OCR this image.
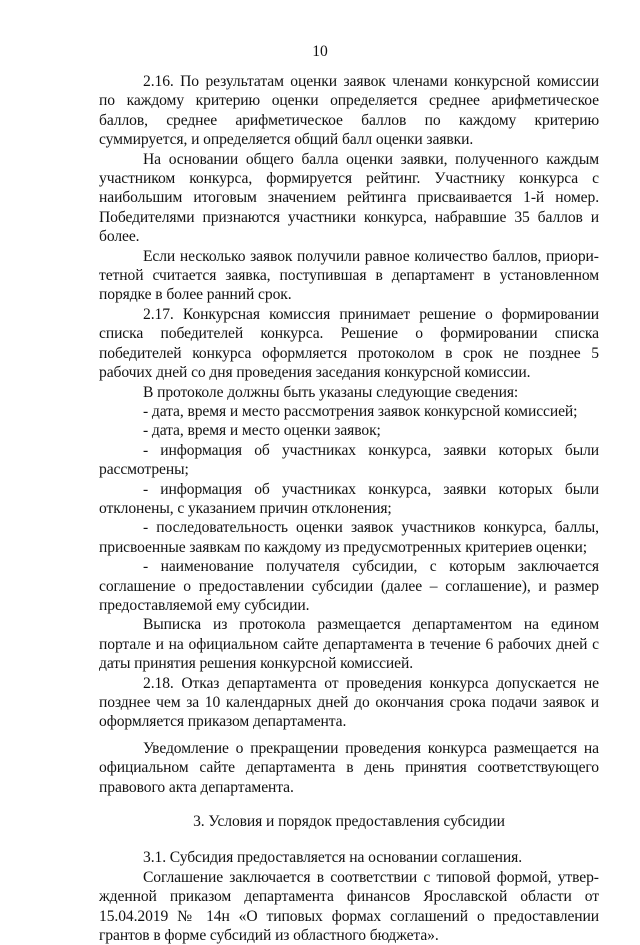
10

2.16. По результатам оценки заявок членами конкурсной комиссии по каждому критерию оценки определяется среднее арифметическое баллов, среднее арифметическое баллов по каждому критерию суммируется, и определяется общий балл оценки заявки.

На основании общего балла оценки заявки, полученного каждым участником конкурса, формируется рейтинг. Участнику конкурса с наибольшим итоговым значением рейтинга присваивается 1-й номер. Победителями признаются участники конкурса, набравшие 35 баллов и более.

Если несколько заявок получили равное количество баллов, приоритетной считается заявка, поступившая в департамент в установленном порядке в более ранний срок.

2.17. Конкурсная комиссия принимает решение о формировании списка победителей конкурса. Решение о формировании списка победителей конкурса оформляется протоколом в срок не позднее 5 рабочих дней со дня проведения заседания конкурсной комиссии.

В протоколе должны быть указаны следующие сведения:

- дата, время и место рассмотрения заявок конкурсной комиссией;

- дата, время и место оценки заявок;

- информация об участниках конкурса, заявки которых были рассмотрены;

- информация об участниках конкурса, заявки которых были отклонены, с указанием причин отклонения;

- последовательность оценки заявок участников конкурса, баллы, присвоенные заявкам по каждому из предусмотренных критериев оценки;

- наименование получателя субсидии, с которым заключается соглашение о предоставлении субсидии (далее – соглашение), и размер предоставляемой ему субсидии.

Выписка из протокола размещается департаментом на едином портале и на официальном сайте департамента в течение 6 рабочих дней с даты принятия решения конкурсной комиссией.

2.18. Отказ департамента от проведения конкурса допускается не позднее чем за 10 календарных дней до окончания срока подачи заявок и оформляется приказом департамента.

Уведомление о прекращении проведения конкурса размещается на официальном сайте департамента в день принятия соответствующего правового акта департамента.

3. Условия и порядок предоставления субсидии

3.1. Субсидия предоставляется на основании соглашения.

Соглашение заключается в соответствии с типовой формой, утвержденной приказом департамента финансов Ярославской области от 15.04.2019 № 14н «О типовых формах соглашений о предоставлении грантов в форме субсидий из областного бюджета».
